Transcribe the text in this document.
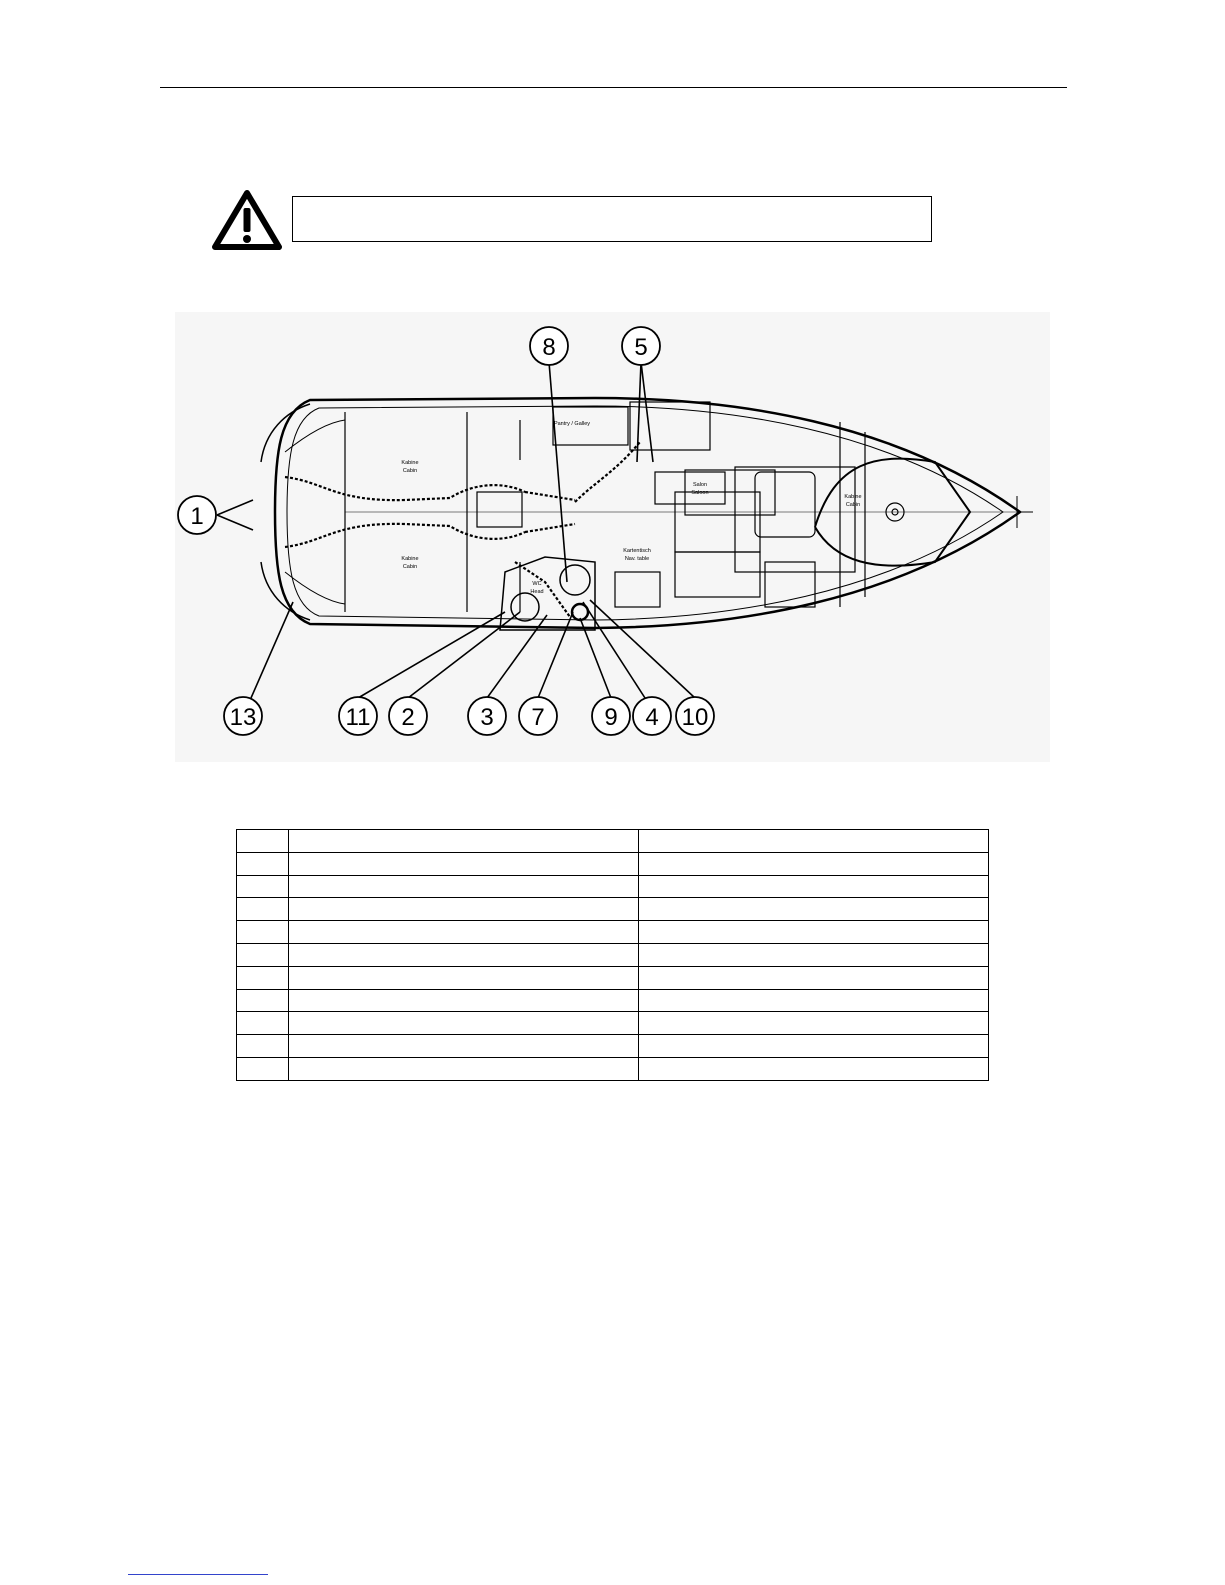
Kabine
Cabin
Kabine
Cabin
Pantry / Galley
Salon
Saloon
WC
Head
Kartentisch
Nav. table
Kabine
Cabin
1
8	5
13	11 2	3 7 9 4 10
